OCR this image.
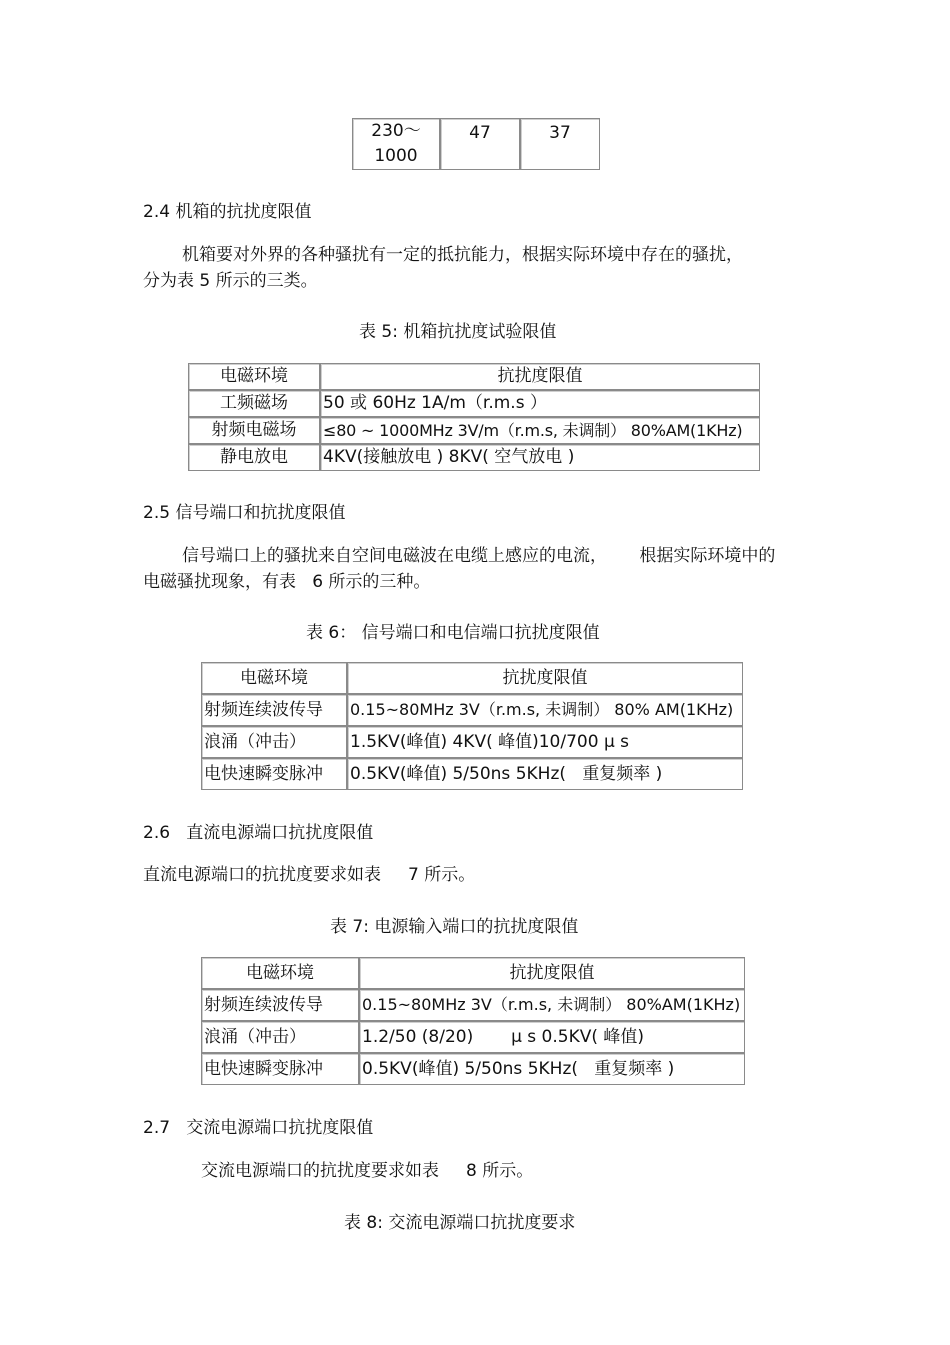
230～
1000	47	37
2.4 机箱的抗扰度限值
机箱要对外界的各种骚扰有一定的抵抗能力，根据实际环境中存在的骚扰，
分为表 5 所示的三类。
表 5: 机箱抗扰度试验限值
电磁环境	抗扰度限值
工频磁场	50 或 60Hz 1A/m（r.m.s ）
射频电磁场	≤80 ~ 1000MHz 3V/m（r.m.s, 未调制） 80%AM(1KHz)
静电放电	4KV(接触放电 ) 8KV( 空气放电 )
2.5 信号端口和抗扰度限值
信号端口上的骚扰来自空间电磁波在电缆上感应的电流，      根据实际环境中的
电磁骚扰现象，有表   6 所示的三种。
表 6： 信号端口和电信端口抗扰度限值
电磁环境	抗扰度限值
射频连续波传导	0.15~80MHz 3V（r.m.s, 未调制） 80% AM(1KHz)
浪涌（冲击）	1.5KV(峰值) 4KV( 峰值)10/700 μ s
电快速瞬变脉冲	0.5KV(峰值) 5/50ns 5KHz(   重复频率 )
2.6   直流电源端口抗扰度限值
直流电源端口的抗扰度要求如表     7 所示。
表 7: 电源输入端口的抗扰度限值
电磁环境	抗扰度限值
射频连续波传导	0.15~80MHz 3V（r.m.s, 未调制） 80%AM(1KHz)
浪涌（冲击）	1.2/50 (8/20)       μ s 0.5KV( 峰值)
电快速瞬变脉冲	0.5KV(峰值) 5/50ns 5KHz(   重复频率 )
2.7   交流电源端口抗扰度限值
交流电源端口的抗扰度要求如表     8 所示。
表 8: 交流电源端口抗扰度要求
